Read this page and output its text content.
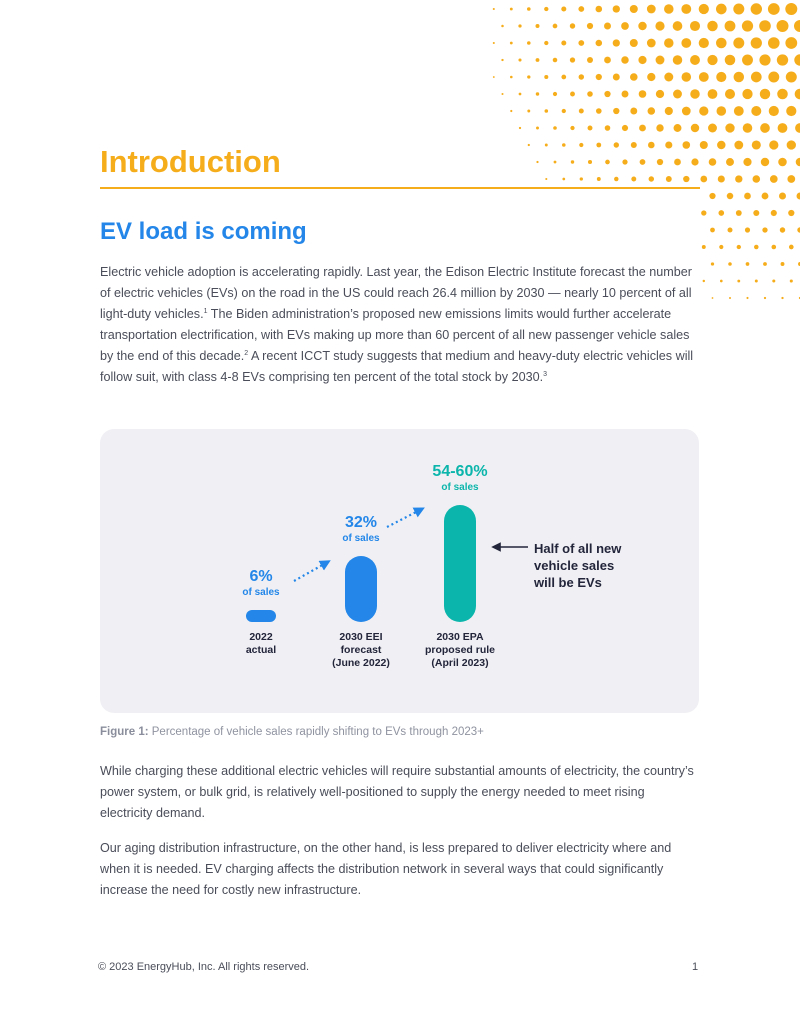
Introduction
EV load is coming

Electric vehicle adoption is accelerating rapidly. Last year, the Edison Electric Institute forecast the number of electric vehicles (EVs) on the road in the US could reach 26.4 million by 2030 — nearly 10 percent of all light-duty vehicles.$^1$ The Biden administration’s proposed new emissions limits would further accelerate transportation electrification, with EVs making up more than 60 percent of all new passenger vehicle sales by the end of this decade.$^2$ A recent ICCT study suggests that medium and heavy-duty electric vehicles will follow suit, with class 4-8 EVs comprising ten percent of the total stock by 2030.$^3$

6%
of sales
2022
actual
32%
of sales
2030 EEI
forecast
(June 2022)
54-60%
of sales
2030 EPA
proposed rule
(April 2023)
Half of all new
vehicle sales
will be EVs

Figure 1: Percentage of vehicle sales rapidly shifting to EVs through 2023+

While charging these additional electric vehicles will require substantial amounts of electricity, the country’s power system, or bulk grid, is relatively well-positioned to supply the energy needed to meet rising electricity demand.

Our aging distribution infrastructure, on the other hand, is less prepared to deliver electricity where and when it is needed. EV charging affects the distribution network in several ways that could significantly increase the need for costly new infrastructure.

© 2023 EnergyHub, Inc. All rights reserved.	1
